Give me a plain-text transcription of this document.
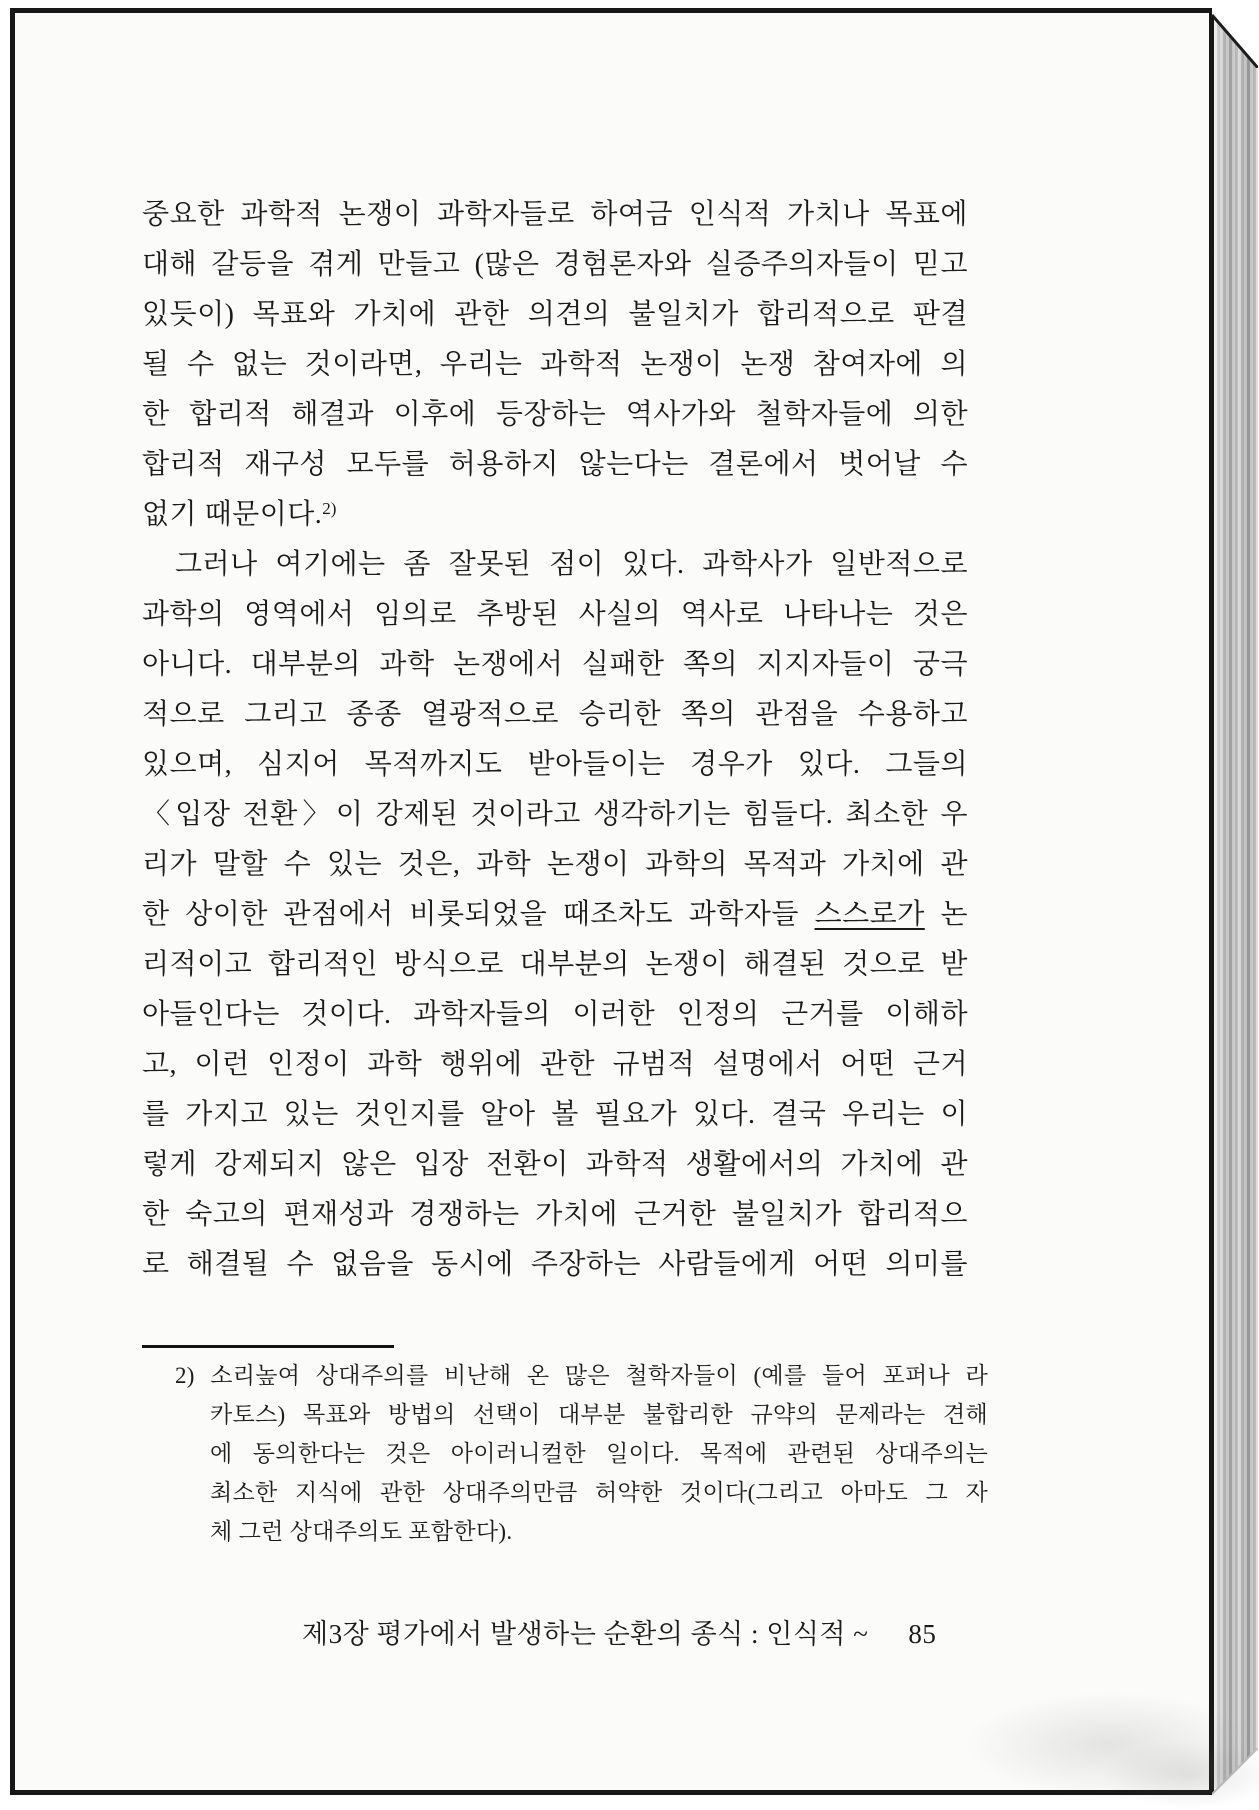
중요한 과학적 논쟁이 과학자들로 하여금 인식적 가치나 목표에
대해 갈등을 겪게 만들고 (많은 경험론자와 실증주의자들이 믿고
있듯이) 목표와 가치에 관한 의견의 불일치가 합리적으로 판결
될 수 없는 것이라면, 우리는 과학적 논쟁이 논쟁 참여자에 의
한 합리적 해결과 이후에 등장하는 역사가와 철학자들에 의한
합리적 재구성 모두를 허용하지 않는다는 결론에서 벗어날 수
없기 때문이다.$^{2)}$
그러나 여기에는 좀 잘못된 점이 있다. 과학사가 일반적으로
과학의 영역에서 임의로 추방된 사실의 역사로 나타나는 것은
아니다. 대부분의 과학 논쟁에서 실패한 쪽의 지지자들이 궁극
적으로 그리고 종종 열광적으로 승리한 쪽의 관점을 수용하고
있으며, 심지어 목적까지도 받아들이는 경우가 있다. 그들의
〈입장 전환〉이 강제된 것이라고 생각하기는 힘들다. 최소한 우
리가 말할 수 있는 것은, 과학 논쟁이 과학의 목적과 가치에 관
한 상이한 관점에서 비롯되었을 때조차도 과학자들 스스로가 논
리적이고 합리적인 방식으로 대부분의 논쟁이 해결된 것으로 받
아들인다는 것이다. 과학자들의 이러한 인정의 근거를 이해하
고, 이런 인정이 과학 행위에 관한 규범적 설명에서 어떤 근거
를 가지고 있는 것인지를 알아 볼 필요가 있다. 결국 우리는 이
렇게 강제되지 않은 입장 전환이 과학적 생활에서의 가치에 관
한 숙고의 편재성과 경쟁하는 가치에 근거한 불일치가 합리적으
로 해결될 수 없음을 동시에 주장하는 사람들에게 어떤 의미를
2) 소리높여 상대주의를 비난해 온 많은 철학자들이 (예를 들어 포퍼나 라
카토스) 목표와 방법의 선택이 대부분 불합리한 규약의 문제라는 견해
에 동의한다는 것은 아이러니컬한 일이다. 목적에 관련된 상대주의는
최소한 지식에 관한 상대주의만큼 허약한 것이다(그리고 아마도 그 자
체 그런 상대주의도 포함한다).
제3장 평가에서 발생하는 순환의 종식 : 인식적 ~ 85
